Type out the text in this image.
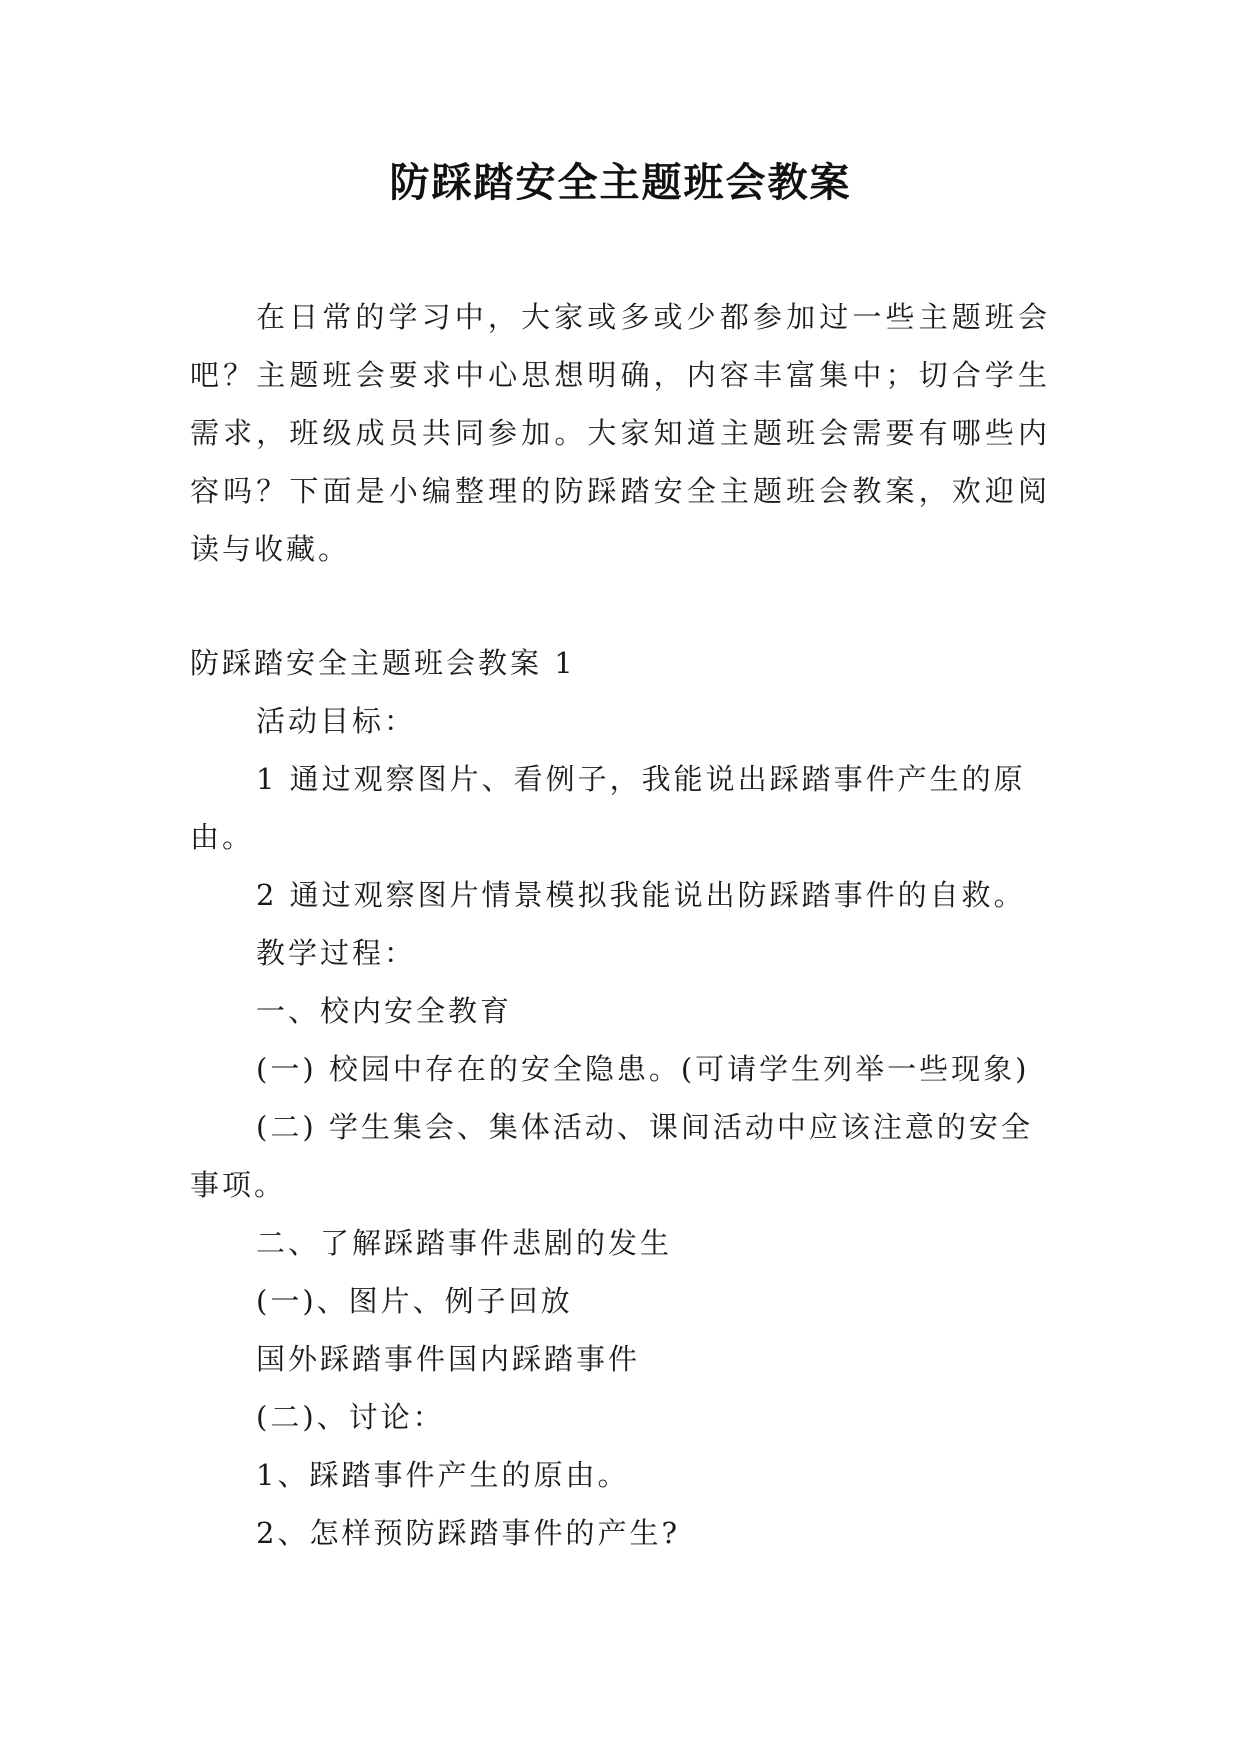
防踩踏安全主题班会教案
在日常的学习中，大家或多或少都参加过一些主题班会吧？主题班会要求中心思想明确，内容丰富集中；切合学生需求，班级成员共同参加。大家知道主题班会需要有哪些内容吗？下面是小编整理的防踩踏安全主题班会教案，欢迎阅读与收藏。

防踩踏安全主题班会教案 1

活动目标：

1 通过观察图片、看例子，我能说出踩踏事件产生的原由。

2 通过观察图片情景模拟我能说出防踩踏事件的自救。

教学过程：

一、校内安全教育

(一) 校园中存在的安全隐患。(可请学生列举一些现象)

(二) 学生集会、集体活动、课间活动中应该注意的安全事项。

二、了解踩踏事件悲剧的发生

(一)、图片、例子回放

国外踩踏事件国内踩踏事件

(二)、讨论：

1、踩踏事件产生的原由。

2、怎样预防踩踏事件的产生?
